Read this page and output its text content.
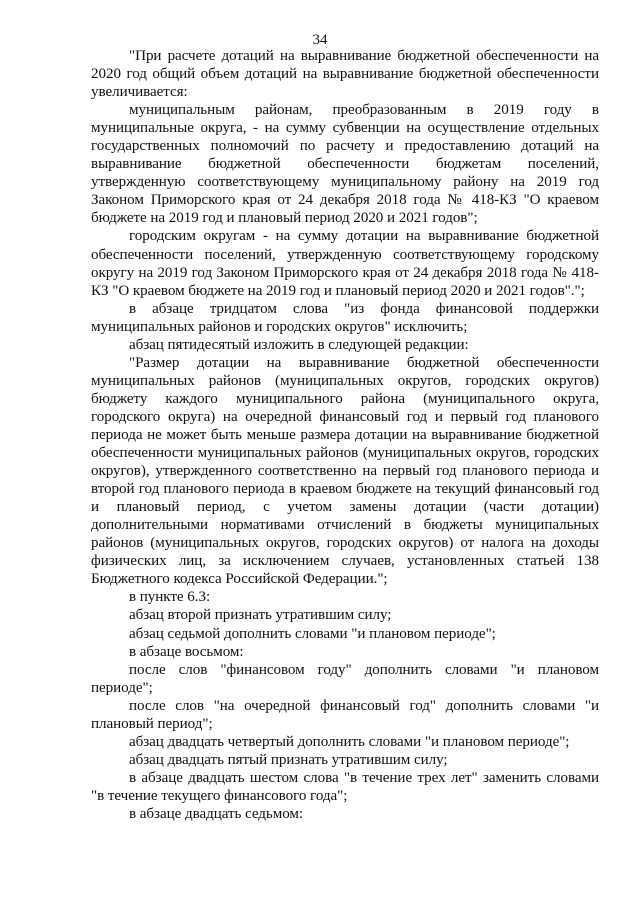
34

"При расчете дотаций на выравнивание бюджетной обеспеченности на 2020 год общий объем дотаций на выравнивание бюджетной обеспеченности увеличивается:

муниципальным районам, преобразованным в 2019 году в муниципальные округа, - на сумму субвенции на осуществление отдельных государственных полномочий по расчету и предоставлению дотаций на выравнивание бюджетной обеспеченности бюджетам поселений, утвержденную соответствующему муниципальному району на 2019 год Законом Приморского края от 24 декабря 2018 года № 418-КЗ "О краевом бюджете на 2019 год и плановый период 2020 и 2021 годов";

городским округам - на сумму дотации на выравнивание бюджетной обеспеченности поселений, утвержденную соответствующему городскому округу на 2019 год Законом Приморского края от 24 декабря 2018 года № 418-КЗ "О краевом бюджете на 2019 год и плановый период 2020 и 2021 годов".";

в абзаце тридцатом слова "из фонда финансовой поддержки муниципальных районов и городских округов" исключить;

абзац пятидесятый изложить в следующей редакции:

"Размер дотации на выравнивание бюджетной обеспеченности муниципальных районов (муниципальных округов, городских округов) бюджету каждого муниципального района (муниципального округа, городского округа) на очередной финансовый год и первый год планового периода не может быть меньше размера дотации на выравнивание бюджетной обеспеченности муниципальных районов (муниципальных округов, городских округов), утвержденного соответственно на первый год планового периода и второй год планового периода в краевом бюджете на текущий финансовый год и плановый период, с учетом замены дотации (части дотации) дополнительными нормативами отчислений в бюджеты муниципальных районов (муниципальных округов, городских округов) от налога на доходы физических лиц, за исключением случаев, установленных статьей 138 Бюджетного кодекса Российской Федерации.";

в пункте 6.3:

абзац второй признать утратившим силу;

абзац седьмой дополнить словами "и плановом периоде";

в абзаце восьмом:

после слов "финансовом году" дополнить словами "и плановом периоде";

после слов "на очередной финансовый год" дополнить словами "и плановый период";

абзац двадцать четвертый дополнить словами "и плановом периоде";

абзац двадцать пятый признать утратившим силу;

в абзаце двадцать шестом слова "в течение трех лет" заменить словами "в течение текущего финансового года";

в абзаце двадцать седьмом:
